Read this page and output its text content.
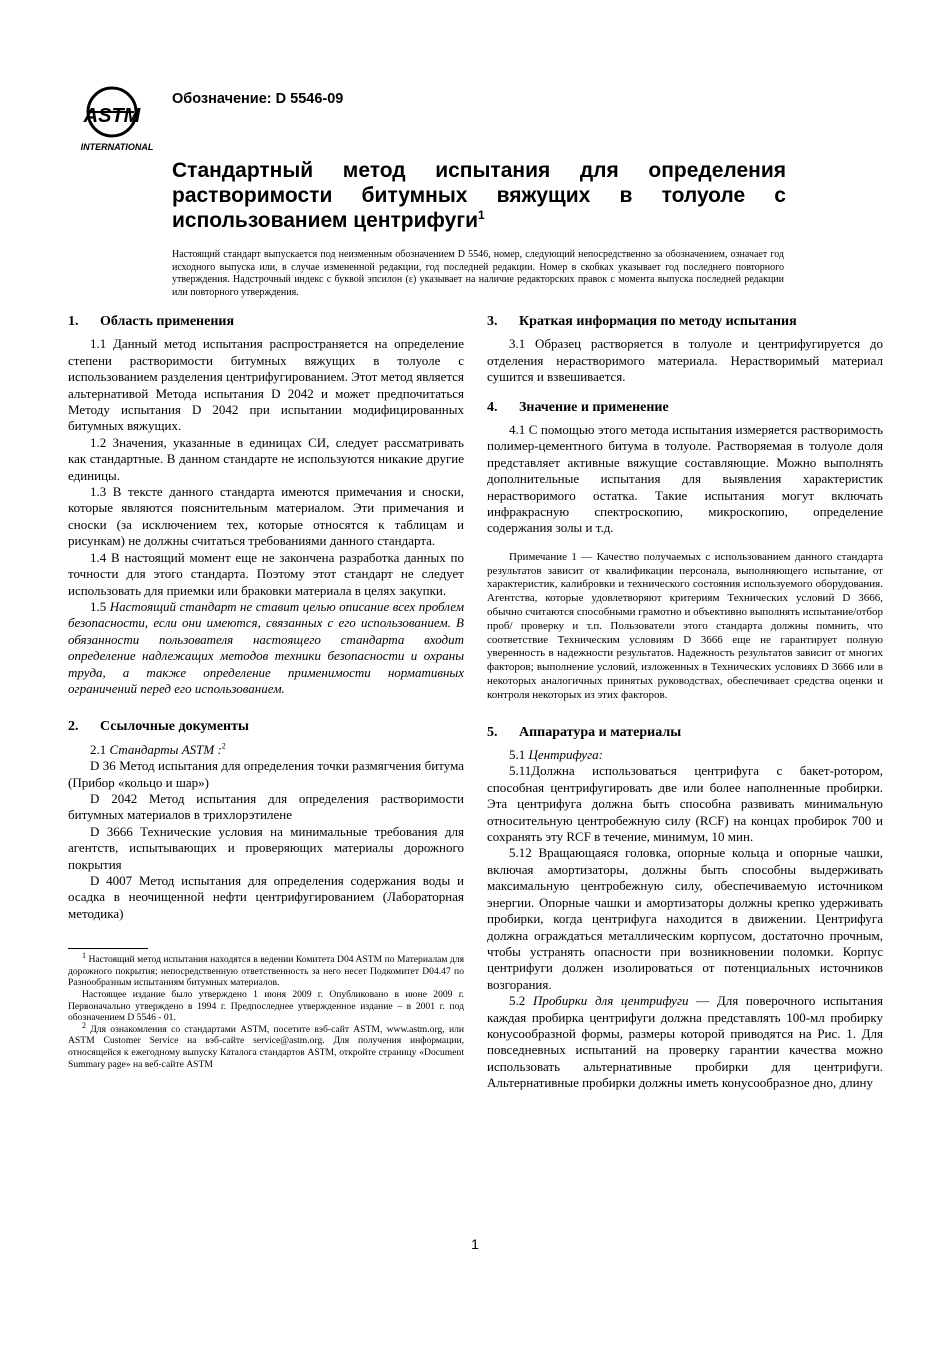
ASTM
INTERNATIONAL
Обозначение: D 5546-09
Стандартный метод испытания для определения растворимости битумных вяжущих в толуоле с использованием центрифуги$^1$
Настоящий стандарт выпускается под неизменным обозначением D 5546, номер, следующий непосредственно за обозначением, означает год исходного выпуска или, в случае измененной редакции, год последней редакции. Номер в скобках указывает год последнего повторного утверждения. Надстрочный индекс с буквой эпсилон (ε) указывает на наличие редакторских правок с момента выпуска последней редакции или повторного утверждения.
1. Область применения

1.1 Данный метод испытания распространяется на определение степени растворимости битумных вяжущих в толуоле с использованием разделения центрифугированием. Этот метод является альтернативой Метода испытания D 2042 и может предпочитаться Методу испытания D 2042 при испытании модифицированных битумных вяжущих.

1.2 Значения, указанные в единицах СИ, следует рассматривать как стандартные. В данном стандарте не используются никакие другие единицы.

1.3 В тексте данного стандарта имеются примечания и сноски, которые являются пояснительным материалом. Эти примечания и сноски (за исключением тех, которые относятся к таблицам и рисункам) не должны считаться требованиями данного стандарта.

1.4 В настоящий момент еще не закончена разработка данных по точности для этого стандарта. Поэтому этот стандарт не следует использовать для приемки или браковки материала в целях закупки.

1.5 Настоящий стандарт не ставит целью описание всех проблем безопасности, если они имеются, связанных с его использованием. В обязанности пользователя настоящего стандарта входит определение надлежащих методов техники безопасности и охраны труда, а также определение применимости нормативных ограничений перед его использованием.

2. Ссылочные документы

2.1 Стандарты ASTM :$^2$

D 36 Метод испытания для определения точки размягчения битума (Прибор «кольцо и шар»)

D 2042 Метод испытания для определения растворимости битумных материалов в трихлорэтилене

D 3666 Технические условия на минимальные требования для агентств, испытывающих и проверяющих материалы дорожного покрытия

D 4007 Метод испытания для определения содержания воды и осадка в неочищенной нефти центрифугированием (Лабораторная методика)

$^1$ Настоящий метод испытания находятся в ведении Комитета D04 ASTM по Материалам для дорожного покрытия; непосредственную ответственность за него несет Подкомитет D04.47 по Разнообразным испытаниям битумных материалов.

Настоящее издание было утверждено 1 июня 2009 г. Опубликовано в июне 2009 г. Первоначально утверждено в 1994 г. Предпоследнее утвержденное издание – в 2001 г. под обозначением D 5546 - 01.

$^2$ Для ознакомления со стандартами ASTM, посетите вэб-сайт ASTM, www.astm.org, или ASTM Customer Service на вэб-сайте service@astm.org. Для получения информации, относящейся к ежегодному выпуску Каталога стандартов ASTM, откройте страницу «Document Summary page» на веб-сайте ASTM

3. Краткая информация по методу испытания

3.1 Образец растворяется в толуоле и центрифугируется до отделения нерастворимого материала. Нерастворимый материал сушится и взвешивается.

4. Значение и применение

4.1 С помощью этого метода испытания измеряется растворимость полимер-цементного битума в толуоле. Растворяемая в толуоле доля представляет активные вяжущие составляющие. Можно выполнять дополнительные испытания для выявления характеристик нерастворимого остатка. Такие испытания могут включать инфракрасную спектроскопию, микроскопию, определение содержания золы и т.д.

Примечание 1 — Качество получаемых с использованием данного стандарта результатов зависит от квалификации персонала, выполняющего испытание, от характеристик, калибровки и технического состояния используемого оборудования. Агентства, которые удовлетворяют критериям Технических условий D 3666, обычно считаются способными грамотно и объективно выполнять испытание/отбор проб/ проверку и т.п. Пользователи этого стандарта должны помнить, что соответствие Техническим условиям D 3666 еще не гарантирует полную уверенность в надежности результатов. Надежность результатов зависит от многих факторов; выполнение условий, изложенных в Технических условиях D 3666 или в некоторых аналогичных принятых руководствах, обеспечивает средства оценки и контроля некоторых из этих факторов.

5. Аппаратура и материалы

5.1 Центрифуга:

5.11Должна использоваться центрифуга с бакет-ротором, способная центрифугировать две или более наполненные пробирки. Эта центрифуга должна быть способна развивать минимальную относительную центробежную силу (RCF) на концах пробирок 700 и сохранять эту RCF в течение, минимум, 10 мин.

5.12 Вращающаяся головка, опорные кольца и опорные чашки, включая амортизаторы, должны быть способны выдерживать максимальную центробежную силу, обеспечиваемую источником энергии. Опорные чашки и амортизаторы должны крепко удерживать пробирки, когда центрифуга находится в движении. Центрифуга должна ограждаться металлическим корпусом, достаточно прочным, чтобы устранять опасности при возникновении поломки. Корпус центрифуги должен изолироваться от потенциальных источников возгорания.

5.2 Пробирки для центрифуги — Для поверочного испытания каждая пробирка центрифуги должна представлять 100-мл пробирку конусообразной формы, размеры которой приводятся на Рис. 1. Для повседневных испытаний на проверку гарантии качества можно использовать альтернативные пробирки для центрифуги. Альтернативные пробирки должны иметь конусообразное дно, длину

1
